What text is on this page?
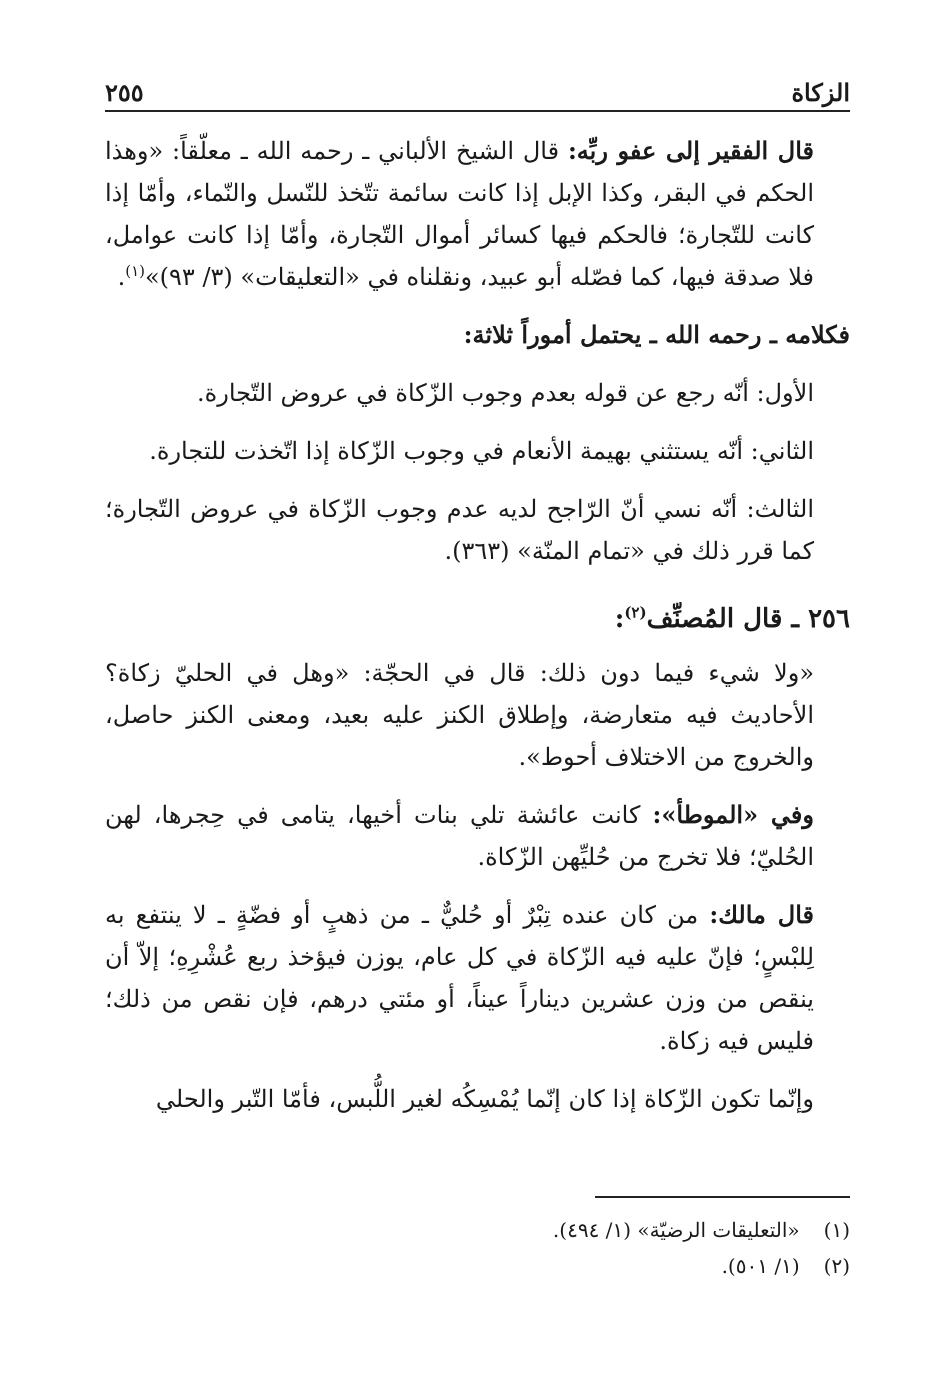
الزكاة
٢٥٥

قال الفقير إلى عفو ربِّه: قال الشيخ الألباني ـ رحمه الله ـ معلّقاً: «وهذا الحكم في البقر، وكذا الإبل إذا كانت سائمة تتّخذ للنّسل والنّماء، وأمّا إذا كانت للتّجارة؛ فالحكم فيها كسائر أموال التّجارة، وأمّا إذا كانت عوامل، فلا صدقة فيها، كما فصّله أبو عبيد، ونقلناه في «التعليقات» (٣/ ٩٣)»$^{(١)}$.

فكلامه ـ رحمه الله ـ يحتمل أموراً ثلاثة:

الأول: أنّه رجع عن قوله بعدم وجوب الزّكاة في عروض التّجارة.

الثاني: أنّه يستثني بهيمة الأنعام في وجوب الزّكاة إذا اتّخذت للتجارة.

الثالث: أنّه نسي أنّ الرّاجح لديه عدم وجوب الزّكاة في عروض التّجارة؛ كما قرر ذلك في «تمام المنّة» (٣٦٣).

٢٥٦ ـ قال المُصنِّف$^{(٢)}$:

«ولا شيء فيما دون ذلك: قال في الحجّة: «وهل في الحليّ زكاة؟ الأحاديث فيه متعارضة، وإطلاق الكنز عليه بعيد، ومعنى الكنز حاصل، والخروج من الاختلاف أحوط».

وفي «الموطأ»: كانت عائشة تلي بنات أخيها، يتامى في حِجرها، لهن الحُليّ؛ فلا تخرج من حُليِّهن الزّكاة.

قال مالك: من كان عنده تِبْرٌ أو حُليٌّ ـ من ذهبٍ أو فضّةٍ ـ لا ينتفع به لِلبْسٍ؛ فإنّ عليه فيه الزّكاة في كل عام، يوزن فيؤخذ ربع عُشْرِهِ؛ إلاّ أن ينقص من وزن عشرين ديناراً عيناً، أو مئتي درهم، فإن نقص من ذلك؛ فليس فيه زكاة.

وإنّما تكون الزّكاة إذا كان إنّما يُمْسِكُه لغير اللُّبس، فأمّا التّبر والحلي

(١) «التعليقات الرضيّة» (١/ ٤٩٤).
(٢) (١/ ٥٠١).
